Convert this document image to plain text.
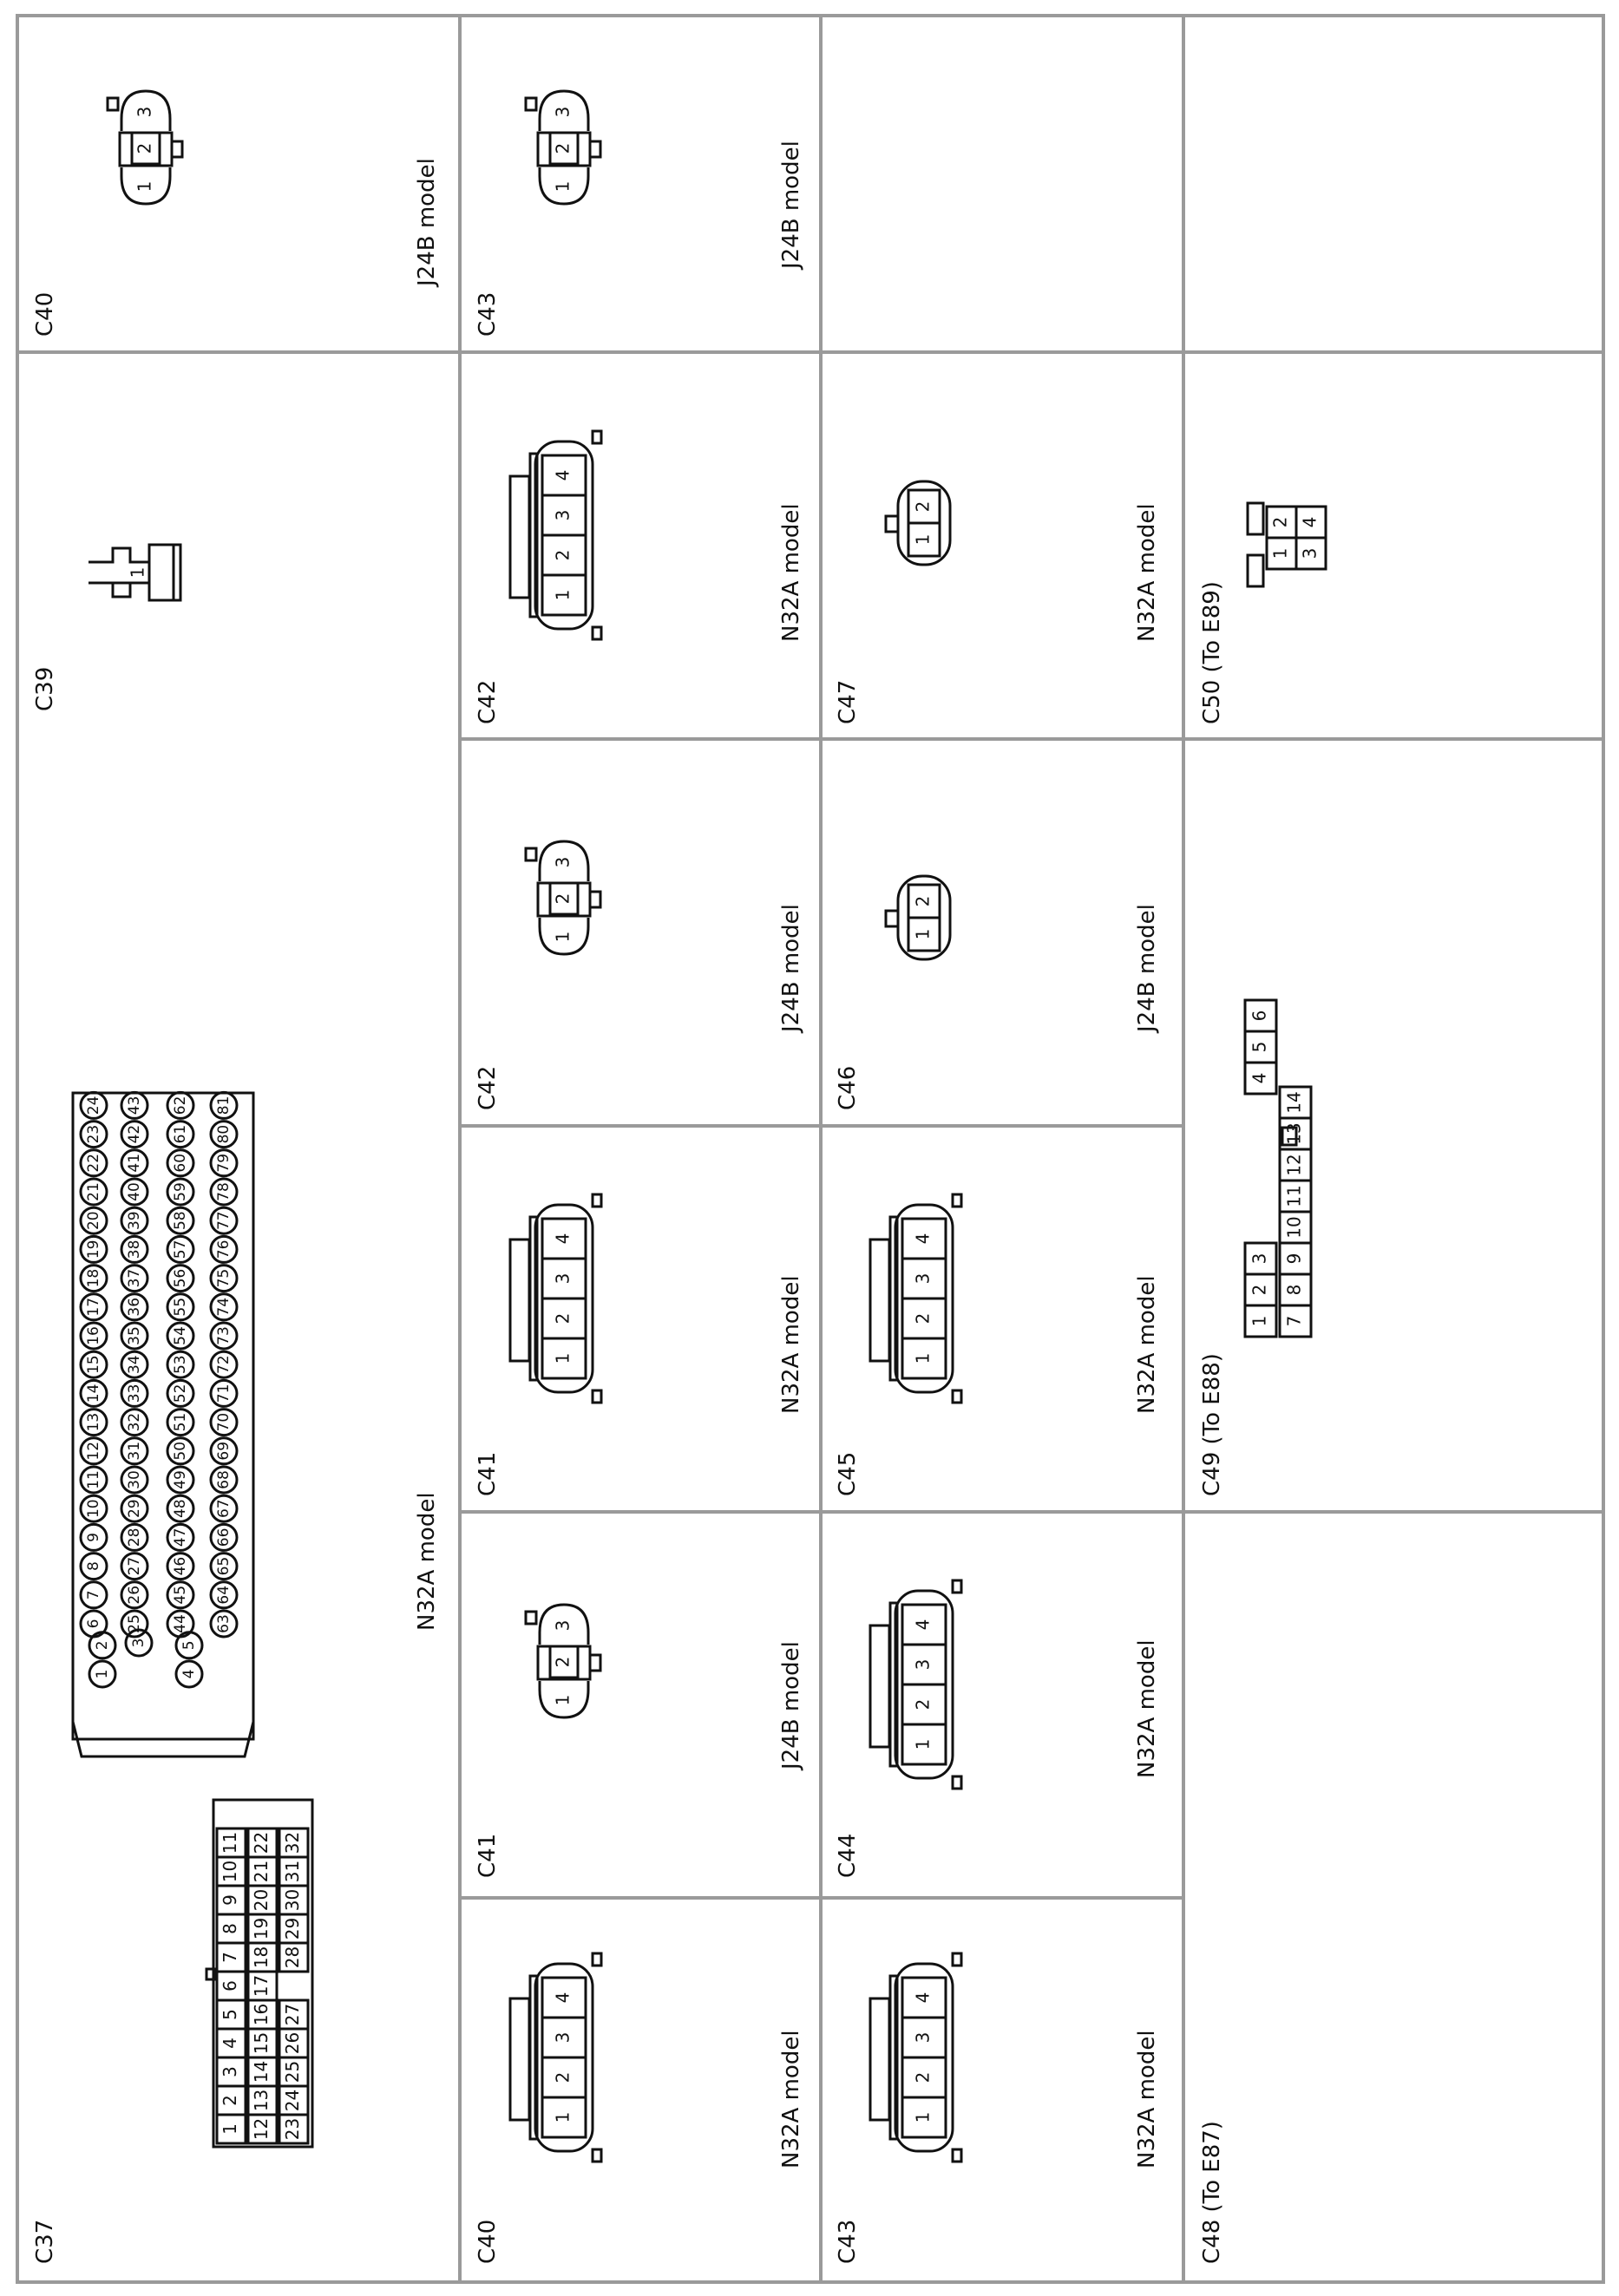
1
2
6
7
8
9
10
11
12
13
14
15
16
17
18
19
20
21
22
23
24
3
25
26
27
28
29
30
31
32
33
34
35
36
37
38
39
40
41
42
43
4
5
44
45
46
47
48
49
50
51
52
53
54
55
56
57
58
59
60
61
62
63
64
65
66
67
68
69
70
71
72
73
74
75
76
77
78
79
80
81
1
2
3
4
2
3
1
2
3
1
1
2
3
4
2
3
1
1
2
3
4
2
3
1
1
2
3
4
1
2
3
4
1
2
3
4
2
1
2
1
1
1
2
3
4
5
6
7
8
9
10
11
12
13
14
15
16
17
18
19
20
21
22
23
24
25
26
27
28
29
30
31
32
1
2
3
4
5
6
7
8
9
10
11
12
13
14
1
2
3
4
C37
N32A model
C40
J24B model
C39
C40
N32A model
C41
J24B model
C41
N32A model
C42
J24B model
C42
N32A model
C43
J24B model
C43
N32A model
C44
N32A model
C45
N32A model
C46
J24B model
C47
N32A model
C48 (To E87)
C49 (To E88)
C50 (To E89)
